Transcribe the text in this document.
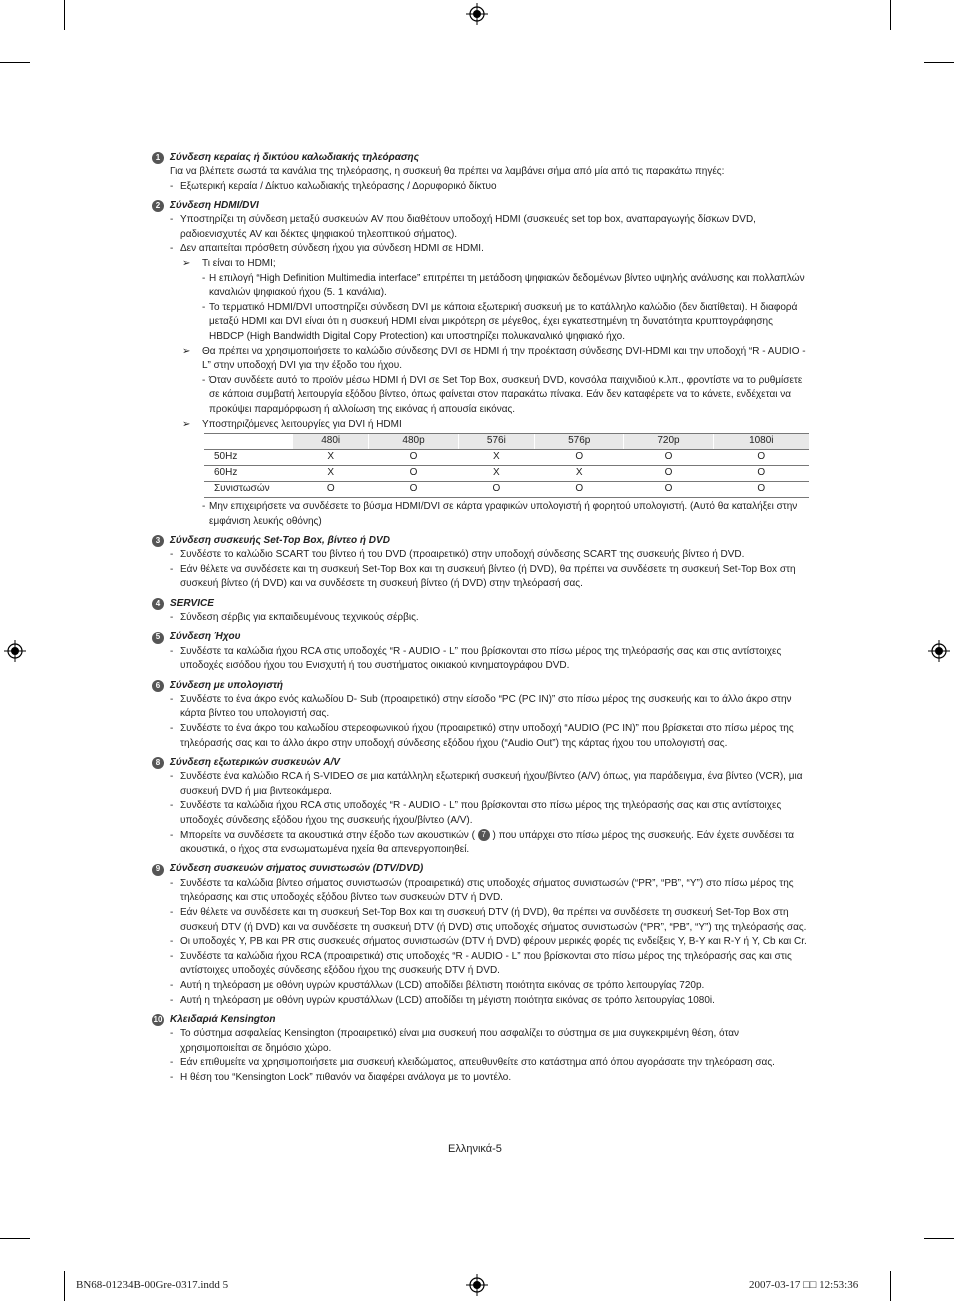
1 Σύνδεση κεραίας ή δικτύου καλωδιακής τηλεόρασης
Για να βλέπετε σωστά τα κανάλια της τηλεόρασης, η συσκευή θα πρέπει να λαμβάνει σήμα από μία από τις παρακάτω πηγές:
- Εξωτερική κεραία / Δίκτυο καλωδιακής τηλεόρασης / Δορυφορικό δίκτυο
2 Σύνδεση HDMI/DVI
- Υποστηρίζει τη σύνδεση μεταξύ συσκευών AV που διαθέτουν υποδοχή HDMI (συσκευές set top box, αναπαραγωγής δίσκων DVD, ραδιοενισχυτές AV και δέκτες ψηφιακού τηλεοπτικού σήματος).
- Δεν απαιτείται πρόσθετη σύνδεση ήχου για σύνδεση HDMI σε HDMI.
➢	Τι είναι το HDMI;
- Η επιλογή “High Definition Multimedia interface” επιτρέπει τη μετάδοση ψηφιακών δεδομένων βίντεο υψηλής ανάλυσης και πολλαπλών καναλιών ψηφιακού ήχου (5. 1 κανάλια).
- Το τερματικό HDMI/DVI υποστηρίζει σύνδεση DVI με κάποια εξωτερική συσκευή με το κατάλληλο καλώδιο (δεν διατίθεται). Η διαφορά μεταξύ HDMI και DVI είναι ότι η συσκευή HDMI είναι μικρότερη σε μέγεθος, έχει εγκατεστημένη τη δυνατότητα κρυπτογράφησης HBDCP (High Bandwidth Digital Copy Protection) και υποστηρίζει πολυκαναλικό ψηφιακό ήχο.
➢	Θα πρέπει να χρησιμοποιήσετε το καλώδιο σύνδεσης DVI σε HDMI ή την προέκταση σύνδεσης DVI-HDMI και την υποδοχή “R - AUDIO - L” στην υποδοχή DVI για την έξοδο του ήχου.
- Όταν συνδέετε αυτό το προϊόν μέσω HDMI ή DVI σε Set Top Box, συσκευή DVD, κονσόλα παιχνιδιού κ.λπ., φροντίστε να το ρυθμίσετε σε κάποια συμβατή λειτουργία εξόδου βίντεο, όπως φαίνεται στον παρακάτω πίνακα. Εάν δεν καταφέρετε να το κάνετε, ενδέχεται να προκύψει παραμόρφωση ή αλλοίωση της εικόνας ή απουσία εικόνας.
➢	Υποστηριζόμενες λειτουργίες για DVI ή HDMI
	480i	480p	576i	576p	720p	1080i
50Hz	X	O	X	O	O	O
60Hz	X	O	X	X	O	O
Συνιστωσών	O	O	O	O	O	O
- Μην επιχειρήσετε να συνδέσετε το βύσμα HDMI/DVI σε κάρτα γραφικών υπολογιστή ή φορητού υπολογιστή. (Αυτό θα καταλήξει στην εμφάνιση λευκής οθόνης)
3 Σύνδεση συσκευής Set-Top Box, βίντεο ή DVD
- Συνδέστε το καλώδιο SCART του βίντεο ή του DVD (προαιρετικό) στην υποδοχή σύνδεσης SCART της συσκευής βίντεο ή DVD.
- Εάν θέλετε να συνδέσετε και τη συσκευή Set-Top Box και τη συσκευή βίντεο (ή DVD), θα πρέπει να συνδέσετε τη συσκευή Set-Top Box στη συσκευή βίντεο (ή DVD) και να συνδέσετε τη συσκευή βίντεο (ή DVD) στην τηλεόρασή σας.
4 SERVICE
- Σύνδεση σέρβις για εκπαιδευμένους τεχνικούς σέρβις.
5 Σύνδεση Ήχου
- Συνδέστε τα καλώδια ήχου RCA στις υποδοχές “R - AUDIO - L” που βρίσκονται στο πίσω μέρος της τηλεόρασής σας και στις αντίστοιχες υποδοχές εισόδου ήχου του Ενισχυτή ή του συστήματος οικιακού κινηματογράφου DVD.
6 Σύνδεση με υπολογιστή
- Συνδέστε το ένα άκρο ενός καλωδίου D- Sub (προαιρετικό) στην είσοδο “PC (PC IN)” στο πίσω μέρος της συσκευής και το άλλο άκρο στην κάρτα βίντεο του υπολογιστή σας.
- Συνδέστε το ένα άκρο του καλωδίου στερεοφωνικού ήχου (προαιρετικό) στην υποδοχή “AUDIO (PC IN)” που βρίσκεται στο πίσω μέρος της τηλεόρασής σας και το άλλο άκρο στην υποδοχή σύνδεσης εξόδου ήχου (“Audio Out”) της κάρτας ήχου του υπολογιστή σας.
8 Σύνδεση εξωτερικών συσκευών A/V
- Συνδέστε ένα καλώδιο RCA ή S-VIDEO σε μια κατάλληλη εξωτερική συσκευή ήχου/βίντεο (A/V) όπως, για παράδειγμα, ένα βίντεο (VCR), μια συσκευή DVD ή μια βιντεοκάμερα.
- Συνδέστε τα καλώδια ήχου RCA στις υποδοχές “R - AUDIO - L” που βρίσκονται στο πίσω μέρος της τηλεόρασής σας και στις αντίστοιχες υποδοχές σύνδεσης εξόδου ήχου της συσκευής ήχου/βίντεο (A/V).
- Μπορείτε να συνδέσετε τα ακουστικά στην έξοδο των ακουστικών ( 7 ) που υπάρχει στο πίσω μέρος της συσκευής. Εάν έχετε συνδέσει τα ακουστικά, ο ήχος στα ενσωματωμένα ηχεία θα απενεργοποιηθεί.
9 Σύνδεση συσκευών σήματος συνιστωσών (DTV/DVD)
- Συνδέστε τα καλώδια βίντεο σήματος συνιστωσών (προαιρετικά) στις υποδοχές σήματος συνιστωσών (“PR”, “PB”, “Y”) στο πίσω μέρος της τηλεόρασης και στις υποδοχές εξόδου βίντεο των συσκευών DTV ή DVD.
- Εάν θέλετε να συνδέσετε και τη συσκευή Set-Top Box και τη συσκευή DTV (ή DVD), θα πρέπει να συνδέσετε τη συσκευή Set-Top Box στη συσκευή DTV (ή DVD) και να συνδέσετε τη συσκευή DTV (ή DVD) στις υποδοχές σήματος συνιστωσών (“PR”, “PB”, “Y”) της τηλεόρασής σας.
- Οι υποδοχές Y, PB και PR στις συσκευές σήματος συνιστωσών (DTV ή DVD) φέρουν μερικές φορές τις ενδείξεις Y, B-Y και R-Y ή Y, Cb και Cr.
- Συνδέστε τα καλώδια ήχου RCA (προαιρετικά) στις υποδοχές “R - AUDIO - L” που βρίσκονται στο πίσω μέρος της τηλεόρασής σας και στις αντίστοιχες υποδοχές σύνδεσης εξόδου ήχου της συσκευής DTV ή DVD.
- Αυτή η τηλεόραση με οθόνη υγρών κρυστάλλων (LCD) αποδίδει βέλτιστη ποιότητα εικόνας σε τρόπο λειτουργίας 720p.
- Αυτή η τηλεόραση με οθόνη υγρών κρυστάλλων (LCD) αποδίδει τη μέγιστη ποιότητα εικόνας σε τρόπο λειτουργίας 1080i.
10 Κλειδαριά Kensington
- Το σύστημα ασφαλείας Kensington (προαιρετικό) είναι μια συσκευή που ασφαλίζει το σύστημα σε μια συγκεκριμένη θέση, όταν χρησιμοποιείται σε δημόσιο χώρο.
- Εάν επιθυμείτε να χρησιμοποιήσετε μια συσκευή κλειδώματος, απευθυνθείτε στο κατάστημα από όπου αγοράσατε την τηλεόραση σας.
- Η θέση του “Kensington Lock” πιθανόν να διαφέρει ανάλογα με το μοντέλο.
Ελληνικά-5
BN68-01234B-00Gre-0317.indd 5	2007-03-17 □□ 12:53:36
